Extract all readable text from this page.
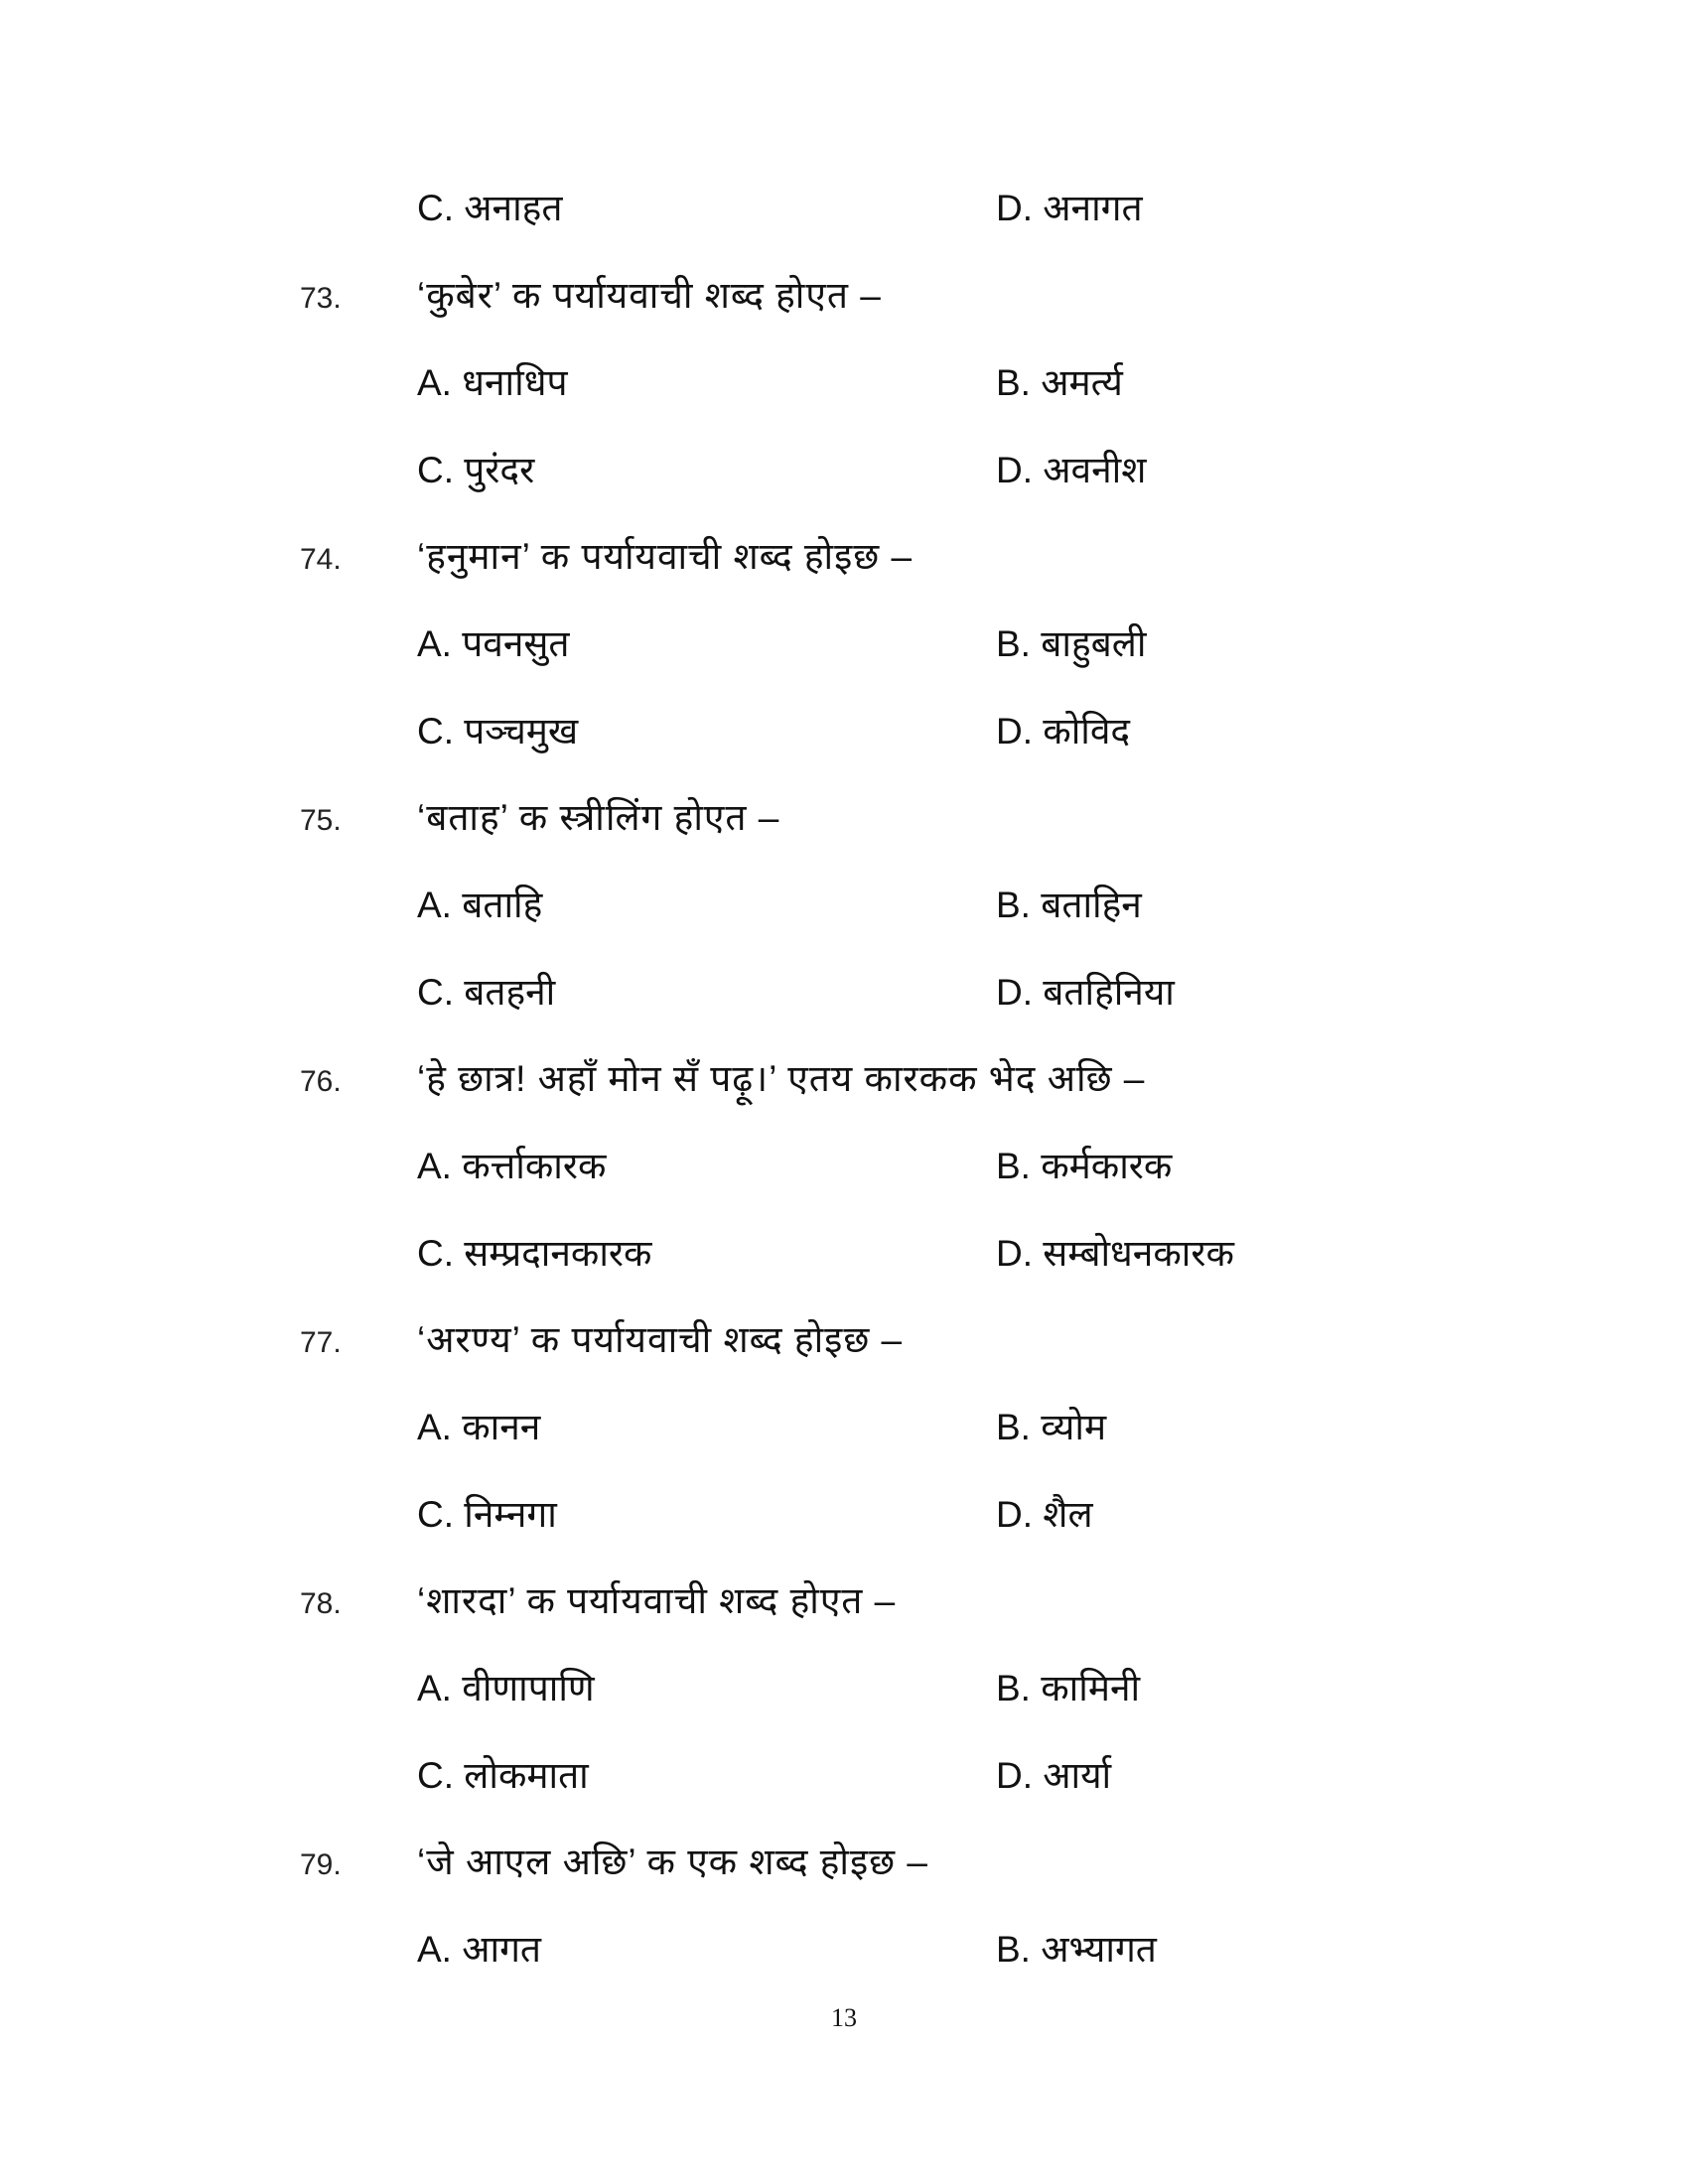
C. अनाहत	D. अनागत
73. ‘कुबेर’ क पर्यायवाची शब्द होएत –
A. धनाधिप	B. अमर्त्य
C. पुरंदर	D. अवनीश
74. ‘हनुमान’ क पर्यायवाची शब्द होइछ –
A. पवनसुत	B. बाहुबली
C. पञ्चमुख	D. कोविद
75. ‘बताह’ क स्त्रीलिंग होएत –
A. बताहि	B. बताहिन
C. बतहनी	D. बतहिनिया
76. ‘हे छात्र! अहाँ मोन सँ पढ़ू।’ एतय कारकक भेद अछि –
A. कर्त्ताकारक	B. कर्मकारक
C. सम्प्रदानकारक	D. सम्बोधनकारक
77. ‘अरण्य’ क पर्यायवाची शब्द होइछ –
A. कानन	B. व्योम
C. निम्नगा	D. शैल
78. ‘शारदा’ क पर्यायवाची शब्द होएत –
A. वीणापाणि	B. कामिनी
C. लोकमाता	D. आर्या
79. ‘जे आएल अछि’ क एक शब्द होइछ –
A. आगत	B. अभ्यागत
13
